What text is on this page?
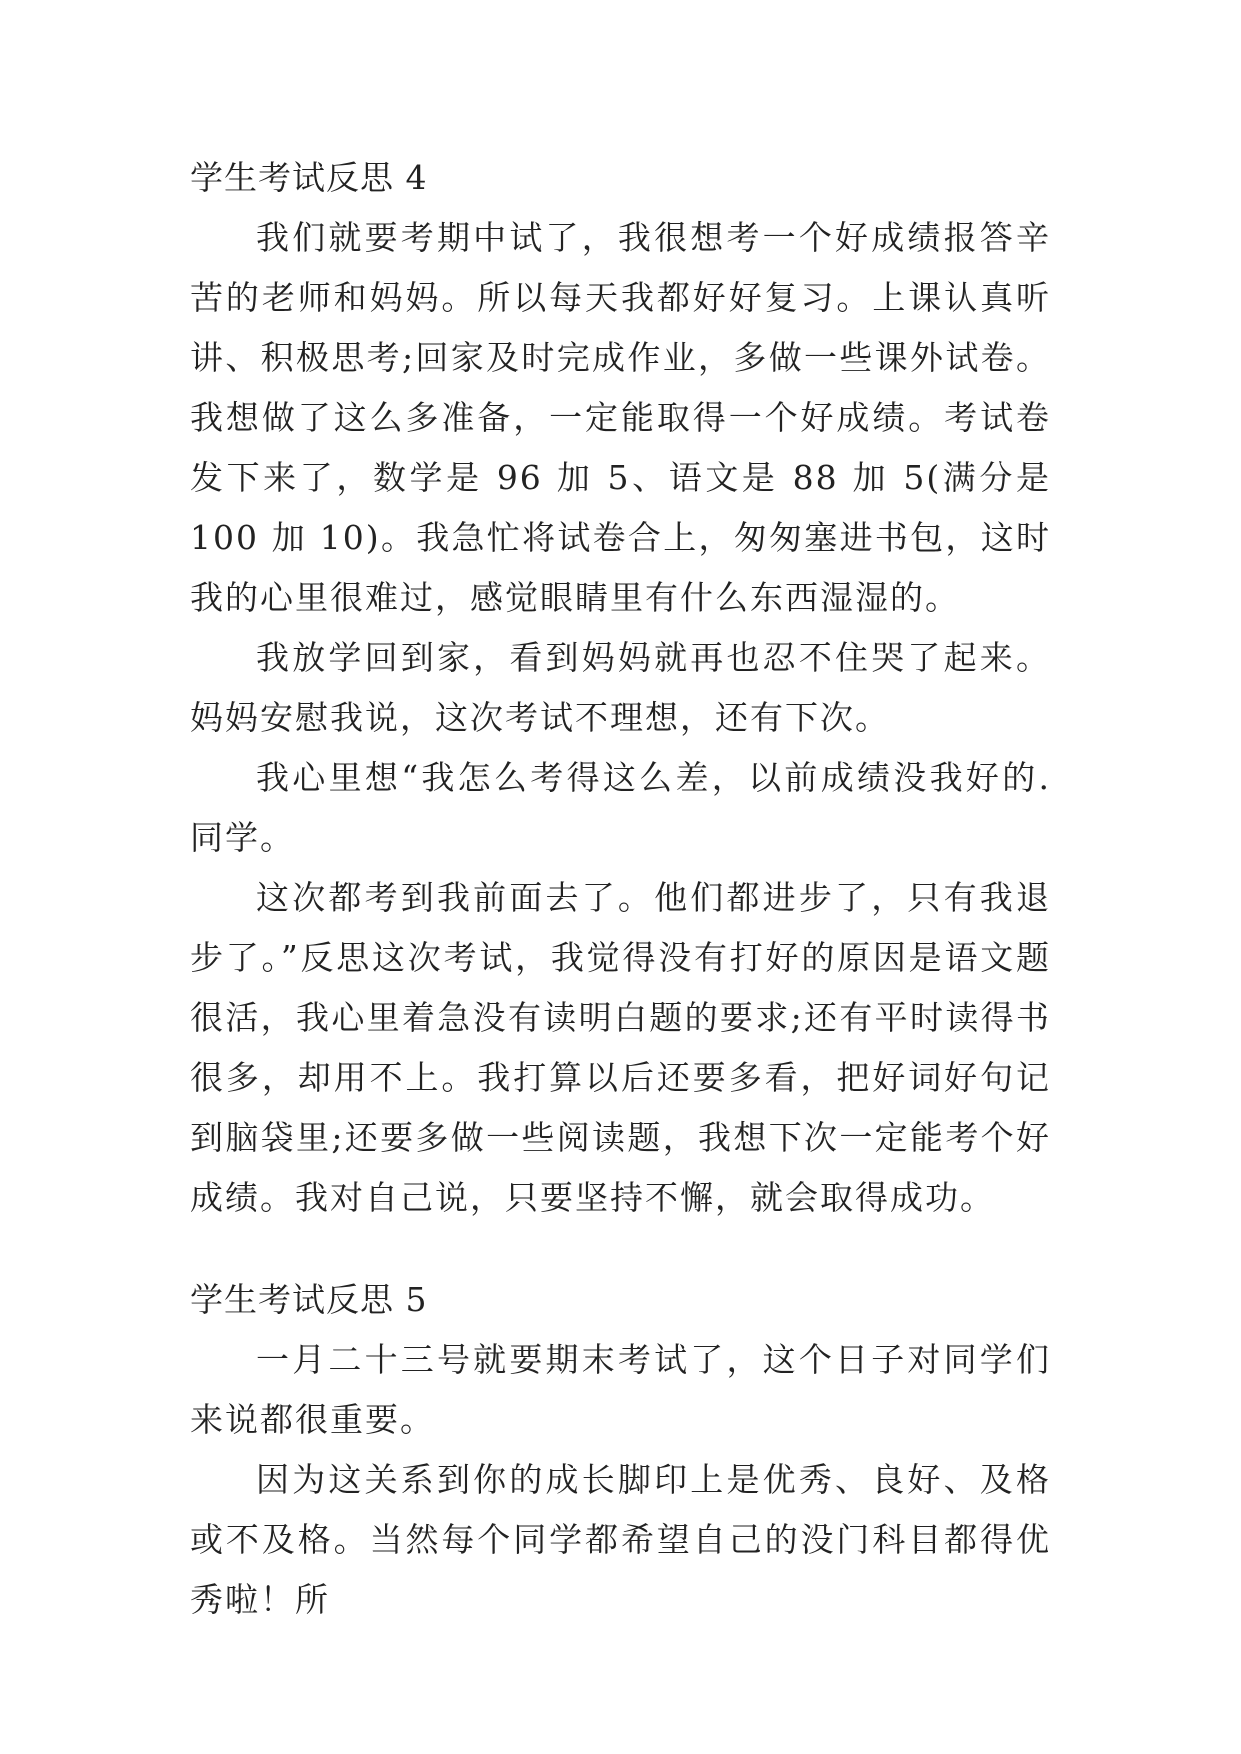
学生考试反思 4

我们就要考期中试了，我很想考一个好成绩报答辛苦的老师和妈妈。所以每天我都好好复习。上课认真听讲、积极思考;回家及时完成作业，多做一些课外试卷。我想做了这么多准备，一定能取得一个好成绩。考试卷发下来了，数学是 96 加 5、语文是 88 加 5(满分是 100 加 10)。我急忙将试卷合上，匆匆塞进书包，这时我的心里很难过，感觉眼睛里有什么东西湿湿的。

我放学回到家，看到妈妈就再也忍不住哭了起来。妈妈安慰我说，这次考试不理想，还有下次。

我心里想“我怎么考得这么差，以前成绩没我好的.同学。

这次都考到我前面去了。他们都进步了，只有我退步了。”反思这次考试，我觉得没有打好的原因是语文题很活，我心里着急没有读明白题的要求;还有平时读得书很多，却用不上。我打算以后还要多看，把好词好句记到脑袋里;还要多做一些阅读题，我想下次一定能考个好成绩。我对自己说，只要坚持不懈，就会取得成功。

学生考试反思 5

一月二十三号就要期末考试了，这个日子对同学们来说都很重要。

因为这关系到你的成长脚印上是优秀、良好、及格或不及格。当然每个同学都希望自己的没门科目都得优秀啦！所
